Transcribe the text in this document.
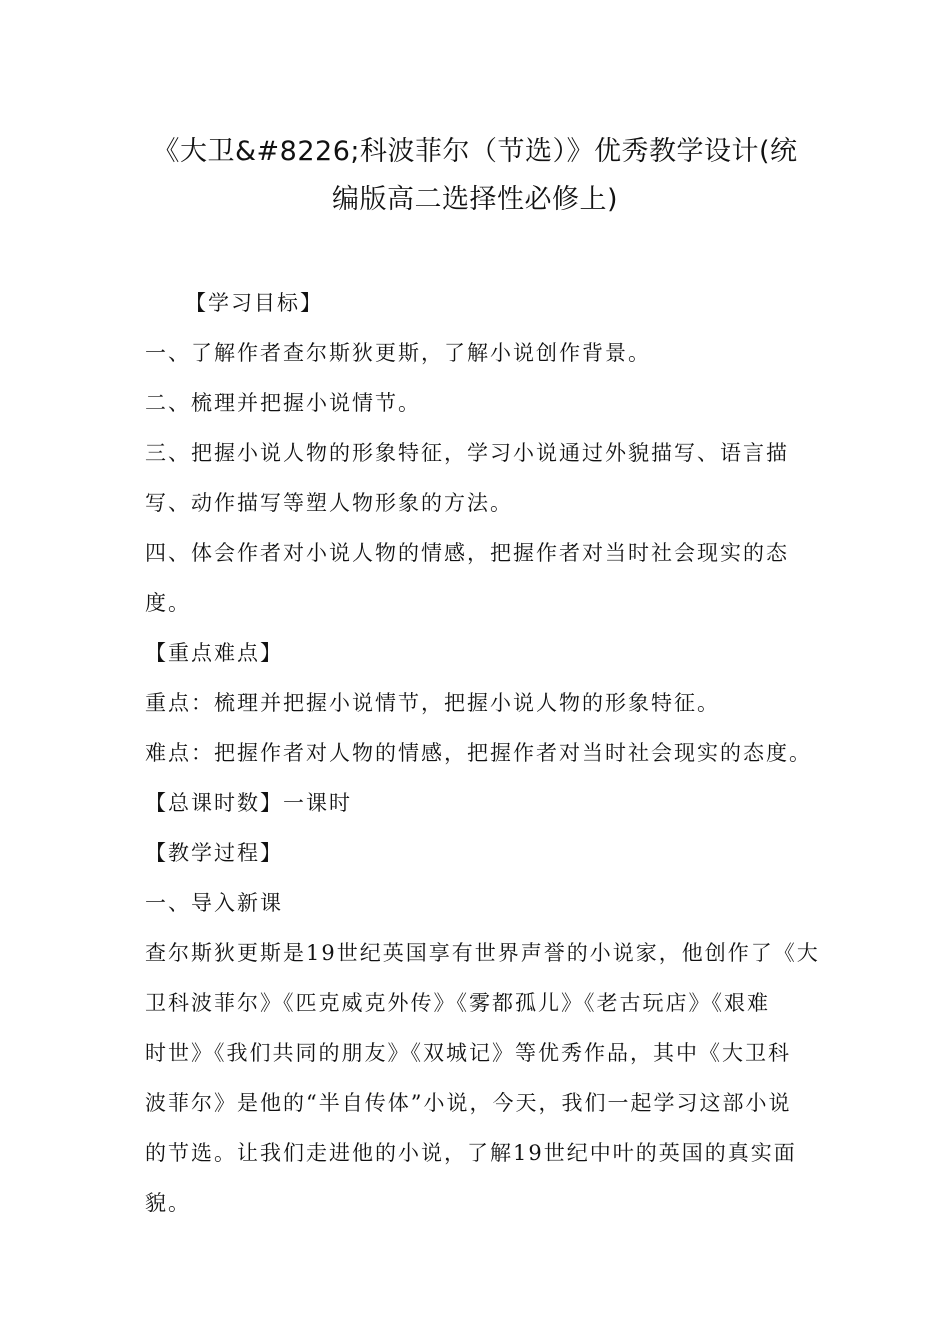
《大卫&#8226;科波菲尔（节选）》优秀教学设计(统
编版高二选择性必修上)

【学习目标】

一、了解作者查尔斯狄更斯，了解小说创作背景。

二、梳理并把握小说情节。

三、把握小说人物的形象特征，学习小说通过外貌描写、语言描

写、动作描写等塑人物形象的方法。

四、体会作者对小说人物的情感，把握作者对当时社会现实的态

度。

【重点难点】

重点：梳理并把握小说情节，把握小说人物的形象特征。

难点：把握作者对人物的情感，把握作者对当时社会现实的态度。

【总课时数】一课时

【教学过程】

一、导入新课

查尔斯狄更斯是19世纪英国享有世界声誉的小说家，他创作了《大

卫科波菲尔》《匹克威克外传》《雾都孤儿》《老古玩店》《艰难

时世》《我们共同的朋友》《双城记》等优秀作品，其中《大卫科

波菲尔》是他的“半自传体”小说，今天，我们一起学习这部小说

的节选。让我们走进他的小说，了解19世纪中叶的英国的真实面

貌。
